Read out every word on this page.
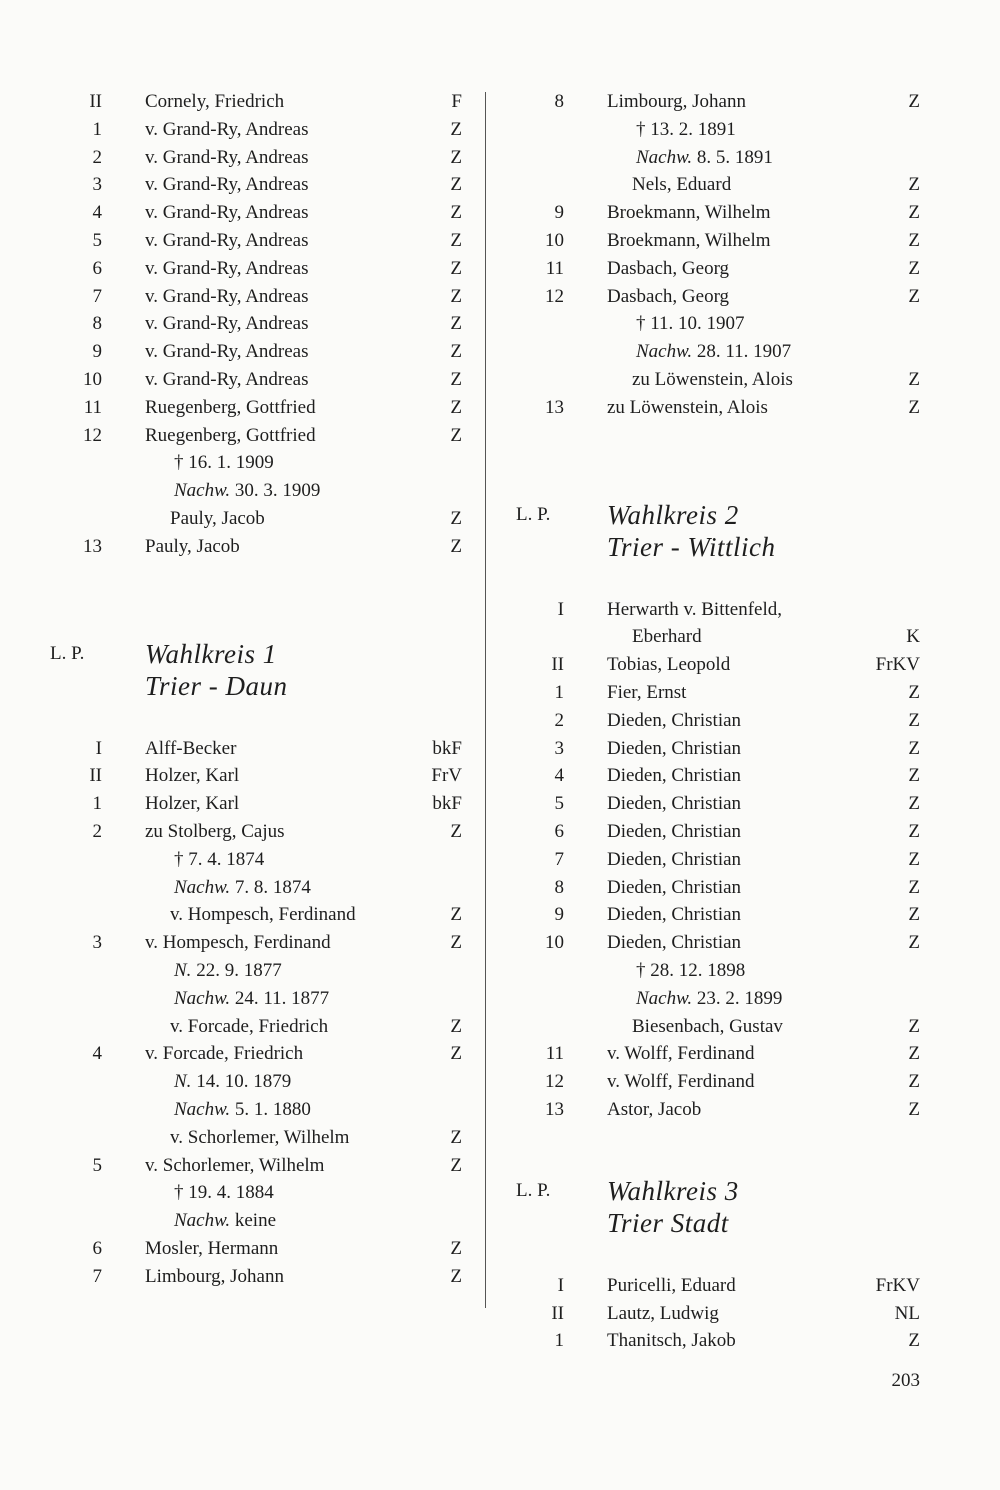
II Cornely, Friedrich	F
1 v. Grand-Ry, Andreas	Z
2 v. Grand-Ry, Andreas	Z
3 v. Grand-Ry, Andreas	Z
4 v. Grand-Ry, Andreas	Z
5 v. Grand-Ry, Andreas	Z
6 v. Grand-Ry, Andreas	Z
7 v. Grand-Ry, Andreas	Z
8 v. Grand-Ry, Andreas	Z
9 v. Grand-Ry, Andreas	Z
10 v. Grand-Ry, Andreas	Z
11 Ruegenberg, Gottfried	Z
12 Ruegenberg, Gottfried	Z
† 16. 1. 1909
Nachw. 30. 3. 1909
Pauly, Jacob	Z
13 Pauly, Jacob	Z
L. P. Wahlkreis 1
Trier - Daun
I Alff-Becker	bkF
II Holzer, Karl	FrV
1 Holzer, Karl	bkF
2 zu Stolberg, Cajus	Z
† 7. 4. 1874
Nachw. 7. 8. 1874
v. Hompesch, Ferdinand	Z
3 v. Hompesch, Ferdinand	Z
N. 22. 9. 1877
Nachw. 24. 11. 1877
v. Forcade, Friedrich	Z
4 v. Forcade, Friedrich	Z
N. 14. 10. 1879
Nachw. 5. 1. 1880
v. Schorlemer, Wilhelm	Z
5 v. Schorlemer, Wilhelm	Z
† 19. 4. 1884
Nachw. keine
6 Mosler, Hermann	Z
7 Limbourg, Johann	Z
8 Limbourg, Johann	Z
† 13. 2. 1891
Nachw. 8. 5. 1891
Nels, Eduard	Z
9 Broekmann, Wilhelm	Z
10 Broekmann, Wilhelm	Z
11 Dasbach, Georg	Z
12 Dasbach, Georg	Z
† 11. 10. 1907
Nachw. 28. 11. 1907
zu Löwenstein, Alois	Z
13 zu Löwenstein, Alois	Z
L. P. Wahlkreis 2
Trier - Wittlich
I Herwarth v. Bittenfeld,
Eberhard	K
II Tobias, Leopold	FrKV
1 Fier, Ernst	Z
2 Dieden, Christian	Z
3 Dieden, Christian	Z
4 Dieden, Christian	Z
5 Dieden, Christian	Z
6 Dieden, Christian	Z
7 Dieden, Christian	Z
8 Dieden, Christian	Z
9 Dieden, Christian	Z
10 Dieden, Christian	Z
† 28. 12. 1898
Nachw. 23. 2. 1899
Biesenbach, Gustav	Z
11 v. Wolff, Ferdinand	Z
12 v. Wolff, Ferdinand	Z
13 Astor, Jacob	Z
L. P. Wahlkreis 3
Trier Stadt
I Puricelli, Eduard	FrKV
II Lautz, Ludwig	NL
1 Thanitsch, Jakob	Z
203
